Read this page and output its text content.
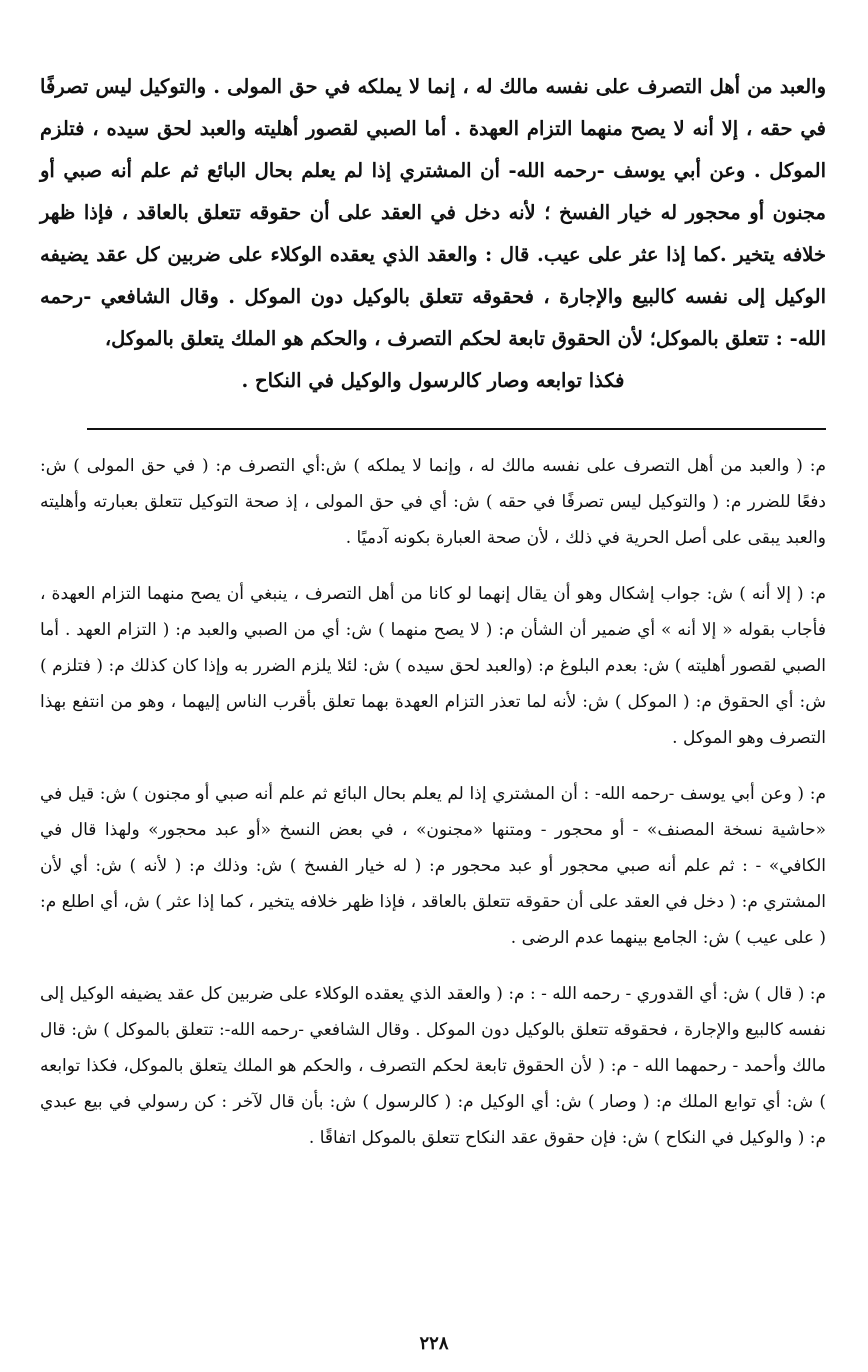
والعبد من أهل التصرف على نفسه مالك له ، إنما لا يملكه في حق المولى . والتوكيل ليس تصرفًا في حقه ، إلا أنه لا يصح منهما التزام العهدة . أما الصبي لقصور أهليته والعبد لحق سيده ، فتلزم الموكل . وعن أبي يوسف -رحمه الله- أن المشتري إذا لم يعلم بحال البائع ثم علم أنه صبي أو مجنون أو محجور له خيار الفسخ ؛ لأنه دخل في العقد على أن حقوقه تتعلق بالعاقد ، فإذا ظهر خلافه يتخير .كما إذا عثر على عيب. قال : والعقد الذي يعقده الوكلاء على ضربين كل عقد يضيفه الوكيل إلى نفسه كالبيع والإجارة ، فحقوقه تتعلق بالوكيل دون الموكل . وقال الشافعي -رحمه الله- : تتعلق بالموكل؛ لأن الحقوق تابعة لحكم التصرف ، والحكم هو الملك يتعلق بالموكل،

فكذا توابعه وصار كالرسول والوكيل في النكاح .

م: ( والعبد من أهل التصرف على نفسه مالك له ، وإنما لا يملكه ) ش:أي التصرف م: ( في حق المولى ) ش: دفعًا للضرر م: ( والتوكيل ليس تصرفًا في حقه ) ش: أي في حق المولى ، إذ صحة التوكيل تتعلق بعبارته وأهليته والعبد يبقى على أصل الحرية في ذلك ، لأن صحة العبارة بكونه آدميًا .

م: ( إلا أنه ) ش: جواب إشكال وهو أن يقال إنهما لو كانا من أهل التصرف ، ينبغي أن يصح منهما التزام العهدة ، فأجاب بقوله « إلا أنه » أي ضمير أن الشأن م: ( لا يصح منهما ) ش: أي من الصبي والعبد م: ( التزام العهد . أما الصبي لقصور أهليته ) ش: بعدم البلوغ م: (والعبد لحق سيده ) ش: لئلا يلزم الضرر به وإذا كان كذلك م: ( فتلزم ) ش: أي الحقوق م: ( الموكل ) ش: لأنه لما تعذر التزام العهدة بهما تعلق بأقرب الناس إليهما ، وهو من انتفع بهذا التصرف وهو الموكل .

م: ( وعن أبي يوسف -رحمه الله- : أن المشتري إذا لم يعلم بحال البائع ثم علم أنه صبي أو مجنون ) ش: قيل في «حاشية نسخة المصنف» - أو محجور - ومتنها «مجنون» ، في بعض النسخ «أو عبد محجور» ولهذا قال في الكافي» - : ثم علم أنه صبي محجور أو عبد محجور م: ( له خيار الفسخ ) ش: وذلك م: ( لأنه ) ش: أي لأن المشتري م: ( دخل في العقد على أن حقوقه تتعلق بالعاقد ، فإذا ظهر خلافه يتخير ، كما إذا عثر ) ش، أي اطلع م: ( على عيب ) ش: الجامع بينهما عدم الرضى .

م: ( قال ) ش: أي القدوري - رحمه الله - : م: ( والعقد الذي يعقده الوكلاء على ضربين كل عقد يضيفه الوكيل إلى نفسه كالبيع والإجارة ، فحقوقه تتعلق بالوكيل دون الموكل . وقال الشافعي -رحمه الله-: تتعلق بالموكل ) ش: قال مالك وأحمد - رحمهما الله - م: ( لأن الحقوق تابعة لحكم التصرف ، والحكم هو الملك يتعلق بالموكل، فكذا توابعه ) ش: أي توابع الملك م: ( وصار ) ش: أي الوكيل م: ( كالرسول ) ش: بأن قال لآخر : كن رسولي في بيع عبدي م: ( والوكيل في النكاح ) ش: فإن حقوق عقد النكاح تتعلق بالموكل اتفاقًا .

٢٢٨
